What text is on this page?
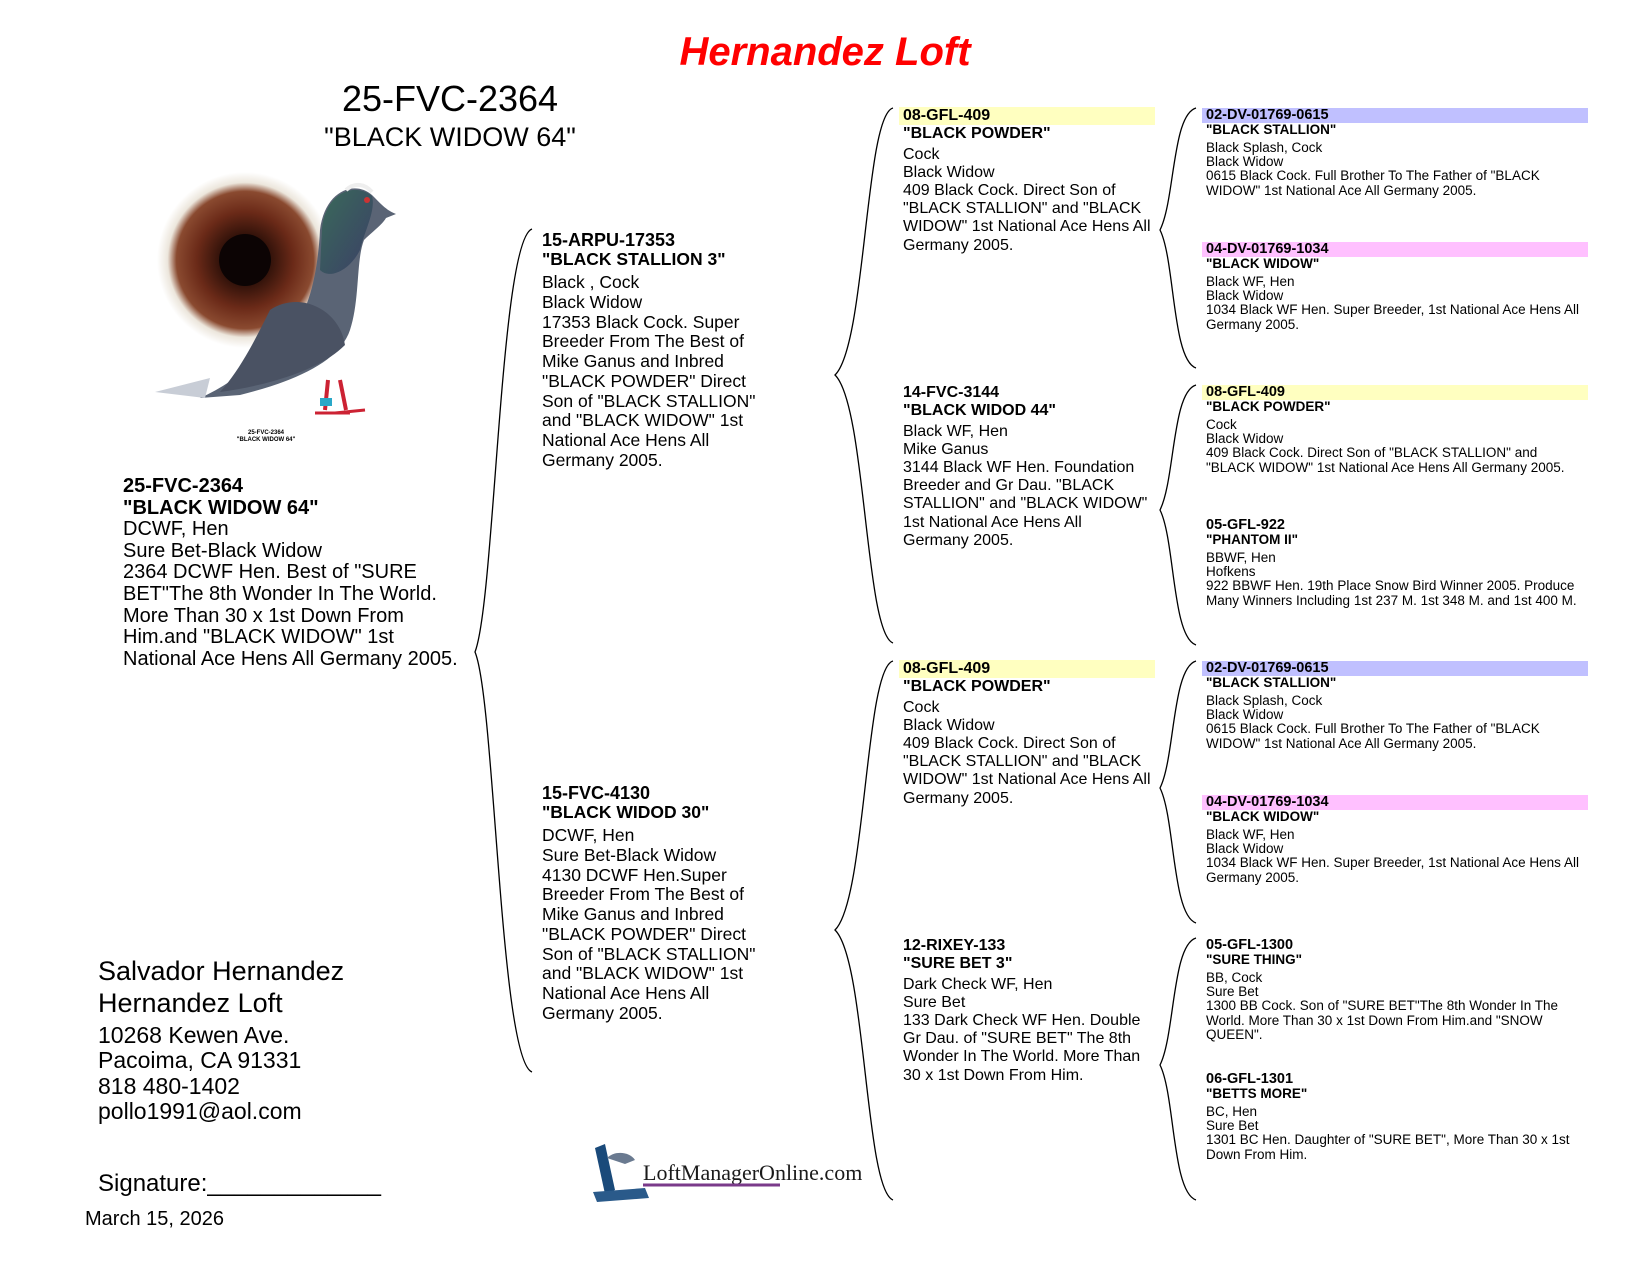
Hernandez Loft
25-FVC-2364
"BLACK WIDOW 64"
25-FVC-2364
"BLACK WIDOW 64"
25-FVC-2364
"BLACK WIDOW 64"
DCWF, Hen
Sure Bet-Black Widow
2364 DCWF Hen. Best of "SURE BET"The 8th Wonder In The World. More Than 30 x 1st Down From Him.and "BLACK WIDOW" 1st National Ace Hens All Germany 2005.
15-ARPU-17353
"BLACK STALLION 3"
Black , Cock
Black Widow
17353 Black Cock. Super Breeder From The Best of Mike Ganus and Inbred "BLACK POWDER" Direct Son of "BLACK STALLION" and "BLACK WIDOW" 1st National Ace Hens All Germany 2005.
15-FVC-4130
"BLACK WIDOD 30"
DCWF, Hen
Sure Bet-Black Widow
4130 DCWF Hen.Super Breeder From The Best of Mike Ganus and Inbred "BLACK POWDER" Direct Son of "BLACK STALLION" and "BLACK WIDOW" 1st National Ace Hens All Germany 2005.
08-GFL-409
"BLACK POWDER"
Cock
Black Widow
409 Black Cock. Direct Son of "BLACK STALLION" and "BLACK WIDOW" 1st National Ace Hens All Germany 2005.
14-FVC-3144
"BLACK WIDOD 44"
Black WF, Hen
Mike Ganus
3144 Black WF Hen. Foundation Breeder and Gr Dau. "BLACK STALLION" and "BLACK WIDOW" 1st National Ace Hens All Germany 2005.
08-GFL-409
"BLACK POWDER"
Cock
Black Widow
409 Black Cock. Direct Son of "BLACK STALLION" and "BLACK WIDOW" 1st National Ace Hens All Germany 2005.
12-RIXEY-133
"SURE BET 3"
Dark Check WF, Hen
Sure Bet
133 Dark Check WF Hen. Double Gr Dau. of "SURE BET" The 8th Wonder In The World. More Than 30 x 1st Down From Him.
02-DV-01769-0615
"BLACK STALLION"
Black Splash, Cock
Black Widow
0615 Black Cock. Full Brother To The Father of "BLACK WIDOW" 1st National Ace All Germany 2005.
04-DV-01769-1034
"BLACK WIDOW"
Black WF, Hen
Black Widow
1034 Black WF Hen. Super Breeder, 1st National Ace Hens All Germany 2005.
08-GFL-409
"BLACK POWDER"
Cock
Black Widow
409 Black Cock. Direct Son of "BLACK STALLION" and "BLACK WIDOW" 1st National Ace Hens All Germany 2005.
05-GFL-922
"PHANTOM II"
BBWF, Hen
Hofkens
922 BBWF Hen. 19th Place Snow Bird Winner 2005. Produce Many Winners Including 1st 237 M. 1st 348 M. and 1st 400 M.
02-DV-01769-0615
"BLACK STALLION"
Black Splash, Cock
Black Widow
0615 Black Cock. Full Brother To The Father of "BLACK WIDOW" 1st National Ace All Germany 2005.
04-DV-01769-1034
"BLACK WIDOW"
Black WF, Hen
Black Widow
1034 Black WF Hen. Super Breeder, 1st National Ace Hens All Germany 2005.
05-GFL-1300
"SURE THING"
BB, Cock
Sure Bet
1300 BB Cock. Son of "SURE BET"The 8th Wonder In The World. More Than 30 x 1st Down From Him.and "SNOW QUEEN".
06-GFL-1301
"BETTS MORE"
BC, Hen
Sure Bet
1301 BC Hen. Daughter of "SURE BET", More Than 30 x 1st Down From Him.
Salvador Hernandez
Hernandez Loft
10268 Kewen Ave.
Pacoima, CA 91331
818 480-1402
pollo1991@aol.com
Signature:_____________
March 15, 2026
LoftManagerOnline.com
